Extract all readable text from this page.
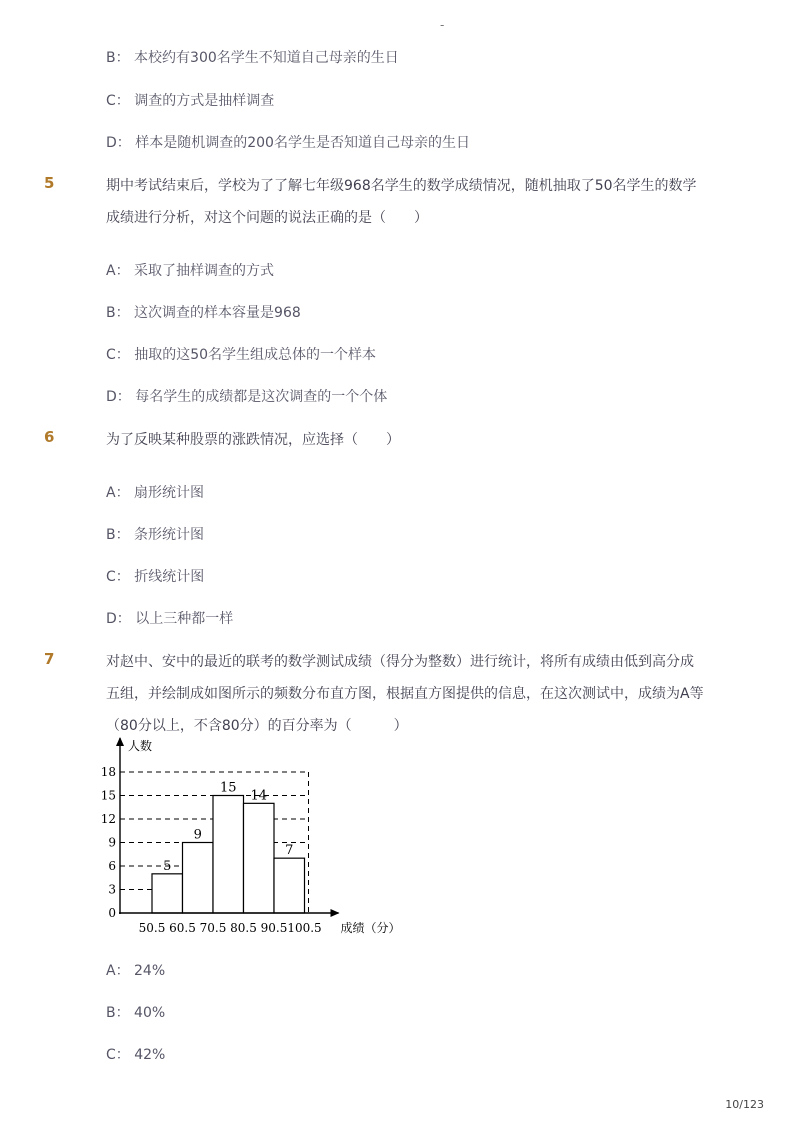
-
B： 本校约有300名学生不知道自己母亲的生日
C： 调查的方式是抽样调查
D： 样本是随机调查的200名学生是否知道自己母亲的生日
5	期中考试结束后，学校为了了解七年级968名学生的数学成绩情况，随机抽取了50名学生的数学
成绩进行分析，对这个问题的说法正确的是（　　）
A： 采取了抽样调查的方式
B： 这次调查的样本容量是968
C： 抽取的这50名学生组成总体的一个样本
D： 每名学生的成绩都是这次调查的一个个体
6	为了反映某种股票的涨跌情况，应选择（　　）
A： 扇形统计图
B： 条形统计图
C： 折线统计图
D： 以上三种都一样
7	对赵中、安中的最近的联考的数学测试成绩（得分为整数）进行统计，将所有成绩由低到高分成
五组，并绘制成如图所示的频数分布直方图，根据直方图提供的信息，在这次测试中，成绩为A等
（80分以上，不含80分）的百分率为（　　　）
5
9
15
14
7
0
3
6
9
12
15
18
50.5 60.5 70.5 80.5 90.5 100.5
人数
成绩（分）
A： 24%
B： 40%
C： 42%
10/123
